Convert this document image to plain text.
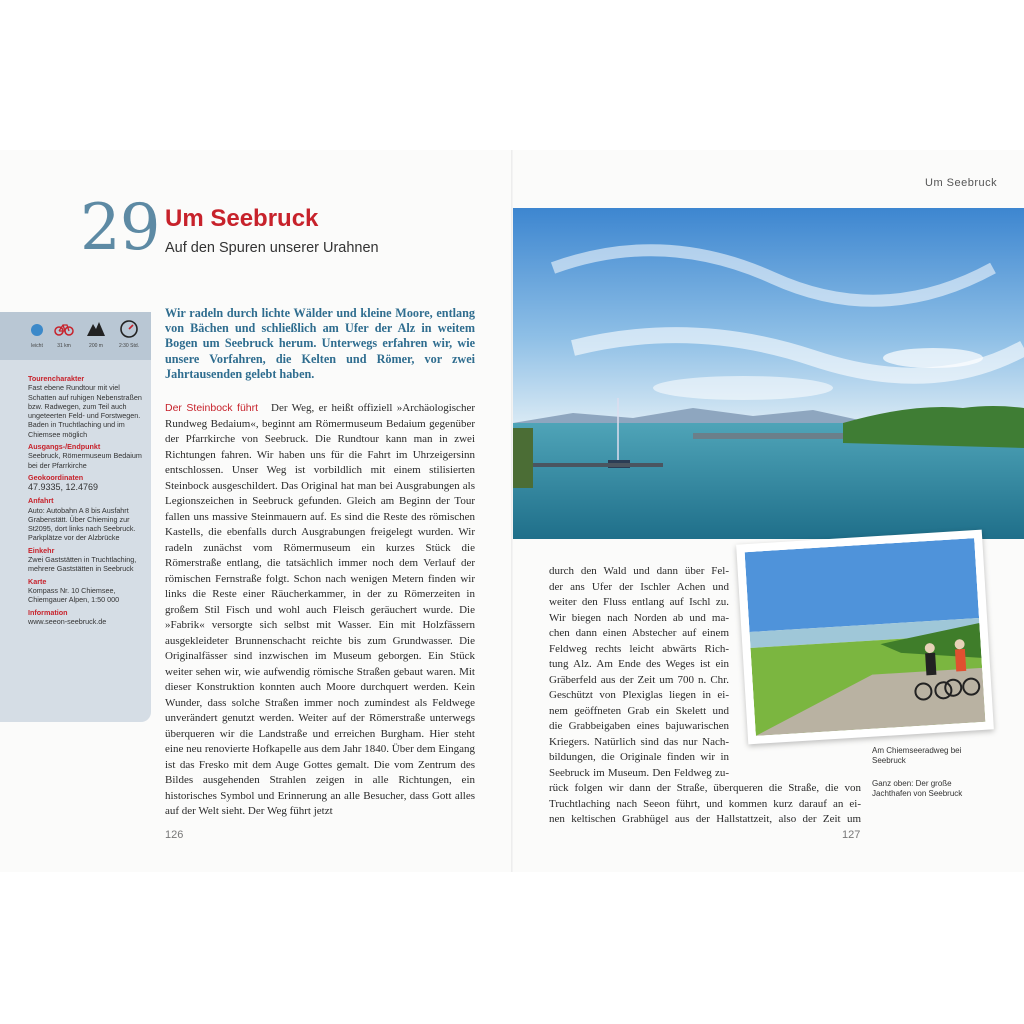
29 Um Seebruck
Auf den Spuren unserer Urahnen
leicht	31 km	200 m	2:30 Std.
Tourencharakter
Fast ebene Rundtour mit viel Schatten auf ruhigen Nebenstraßen bzw. Radwegen, zum Teil auch ungeteerten Feld- und Forstwegen. Baden in Truchtlaching und im Chiemsee möglich
Ausgangs-/Endpunkt
Seebruck, Römermuseum Bedaium bei der Pfarrkirche
Geokoordinaten
47.9335, 12.4769
Anfahrt
Auto: Autobahn A 8 bis Ausfahrt Grabenstätt. Über Chieming zur St2095, dort links nach Seebruck. Parkplätze vor der Alzbrücke
Einkehr
Zwei Gaststätten in Truchtlaching, mehrere Gaststätten in Seebruck
Karte
Kompass Nr. 10 Chiemsee, Chiemgauer Alpen, 1:50 000
Information
www.seeon-seebruck.de

Wir radeln durch lichte Wälder und kleine Moore, entlang von Bächen und schließlich am Ufer der Alz in weitem Bogen um Seebruck herum. Unterwegs erfahren wir, wie unsere Vorfahren, die Kelten und Römer, vor zwei Jahrtausenden gelebt haben.

Der Steinbock führt Der Weg, er heißt offiziell »Archäologischer Rundweg Bedaium«, beginnt am Römermuseum Bedaium gegenüber der Pfarrkirche von Seebruck. Die Rundtour kann man in zwei Richtungen fahren. Wir haben uns für die Fahrt im Uhrzeigersinn entschlossen. Unser Weg ist vorbildlich mit einem stilisierten Steinbock ausgeschildert. Das Original hat man bei Ausgrabungen als Legionszeichen in Seebruck gefunden. Gleich am Beginn der Tour fallen uns massive Steinmauern auf. Es sind die Reste des römischen Kastells, die ebenfalls durch Ausgrabungen freigelegt wurden. Wir radeln zunächst vom Römermuseum ein kurzes Stück die Römerstraße entlang, die tatsächlich immer noch dem Verlauf der römischen Fernstraße folgt. Schon nach wenigen Metern finden wir links die Reste einer Räucherkammer, in der zu Römerzeiten in großem Stil Fisch und wohl auch Fleisch geräuchert wurde. Die »Fabrik« versorgte sich selbst mit Wasser. Ein mit Holzfässern ausgekleideter Brunnenschacht reichte bis zum Grundwasser. Die Originalfässer sind inzwischen im Museum geborgen. Ein Stück weiter sehen wir, wie aufwendig römische Straßen gebaut waren. Mit dieser Konstruktion konnten auch Moore durchquert werden. Kein Wunder, dass solche Straßen immer noch zumindest als Feldwege unverändert genutzt werden. Weiter auf der Römerstraße unterwegs überqueren wir die Landstraße und erreichen Burgham. Hier steht eine neu renovierte Hofkapelle aus dem Jahr 1840. Über dem Eingang ist das Fresko mit dem Auge Gottes gemalt. Die vom Zentrum des Bildes ausgehenden Strahlen zeigen in alle Richtungen, ein historisches Symbol und Erinnerung an alle Besucher, dass Gott alles auf der Welt sieht. Der Weg führt jetzt

126
Um Seebruck

durch den Wald und dann über Fel-
der ans Ufer der Ischler Achen und
weiter den Fluss entlang auf Ischl zu.
Wir biegen nach Norden ab und ma-
chen dann einen Abstecher auf einem
Feldweg rechts leicht abwärts Rich-
tung Alz. Am Ende des Weges ist ein
Gräberfeld aus der Zeit um 700 n. Chr.
Geschützt von Plexiglas liegen in ei-
nem geöffneten Grab ein Skelett und
die Grabbeigaben eines bajuwarischen
Kriegers. Natürlich sind das nur Nach-
bildungen, die Originale finden wir in
Seebruck im Museum. Den Feldweg zu-
rück folgen wir dann der Straße, überqueren die Straße, die von
Truchtlaching nach Seeon führt, und kommen kurz darauf an ei-
nen keltischen Grabhügel aus der Hallstattzeit, also der Zeit um

Am Chiemseeradweg bei Seebruck
Ganz oben: Der große Jachthafen von Seebruck
127
